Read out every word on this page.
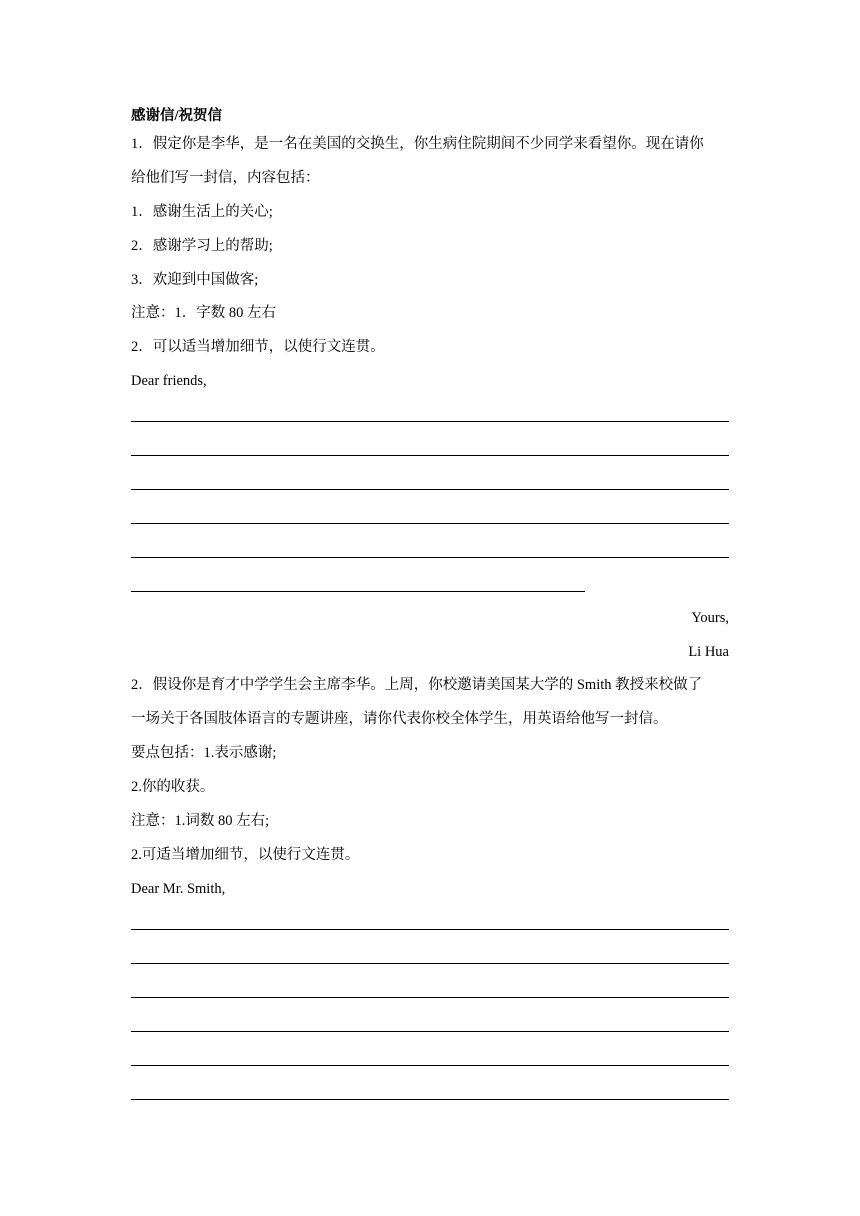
感谢信/祝贺信
1．假定你是李华，是一名在美国的交换生，你生病住院期间不少同学来看望你。现在请你
给他们写一封信，内容包括：
1．感谢生活上的关心;
2．感谢学习上的帮助;
3．欢迎到中国做客;
注意：1．字数 80 左右
2．可以适当增加细节，以使行文连贯。
Dear friends,
Yours,
Li Hua
2．假设你是育才中学学生会主席李华。上周，你校邀请美国某大学的 Smith 教授来校做了
一场关于各国肢体语言的专题讲座，请你代表你校全体学生，用英语给他写一封信。
要点包括：1.表示感谢;
2.你的收获。
注意：1.词数 80 左右;
2.可适当增加细节，以使行文连贯。
Dear Mr. Smith,
